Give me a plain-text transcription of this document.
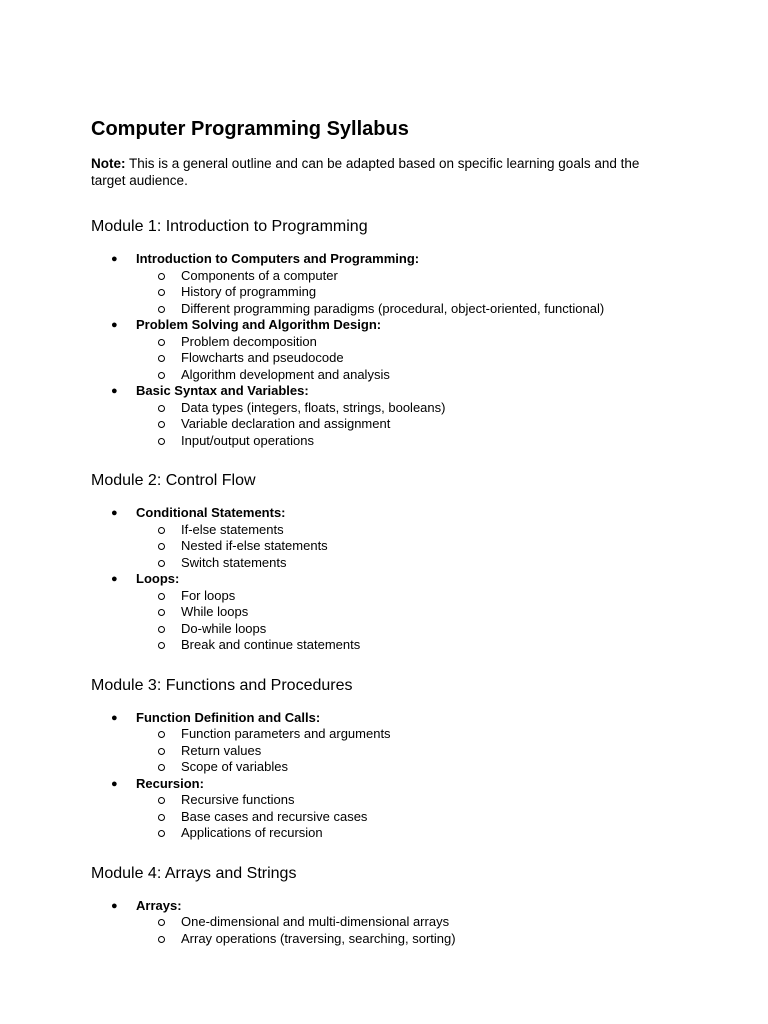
Computer Programming Syllabus
Note: This is a general outline and can be adapted based on specific learning goals and the target audience.
Module 1: Introduction to Programming
● Introduction to Computers and Programming:
Components of a computer
History of programming
Different programming paradigms (procedural, object-oriented, functional)
● Problem Solving and Algorithm Design:
Problem decomposition
Flowcharts and pseudocode
Algorithm development and analysis
● Basic Syntax and Variables:
Data types (integers, floats, strings, booleans)
Variable declaration and assignment
Input/output operations
Module 2: Control Flow
● Conditional Statements:
If-else statements
Nested if-else statements
Switch statements
● Loops:
For loops
While loops
Do-while loops
Break and continue statements
Module 3: Functions and Procedures
● Function Definition and Calls:
Function parameters and arguments
Return values
Scope of variables
● Recursion:
Recursive functions
Base cases and recursive cases
Applications of recursion
Module 4: Arrays and Strings
● Arrays:
One-dimensional and multi-dimensional arrays
Array operations (traversing, searching, sorting)
